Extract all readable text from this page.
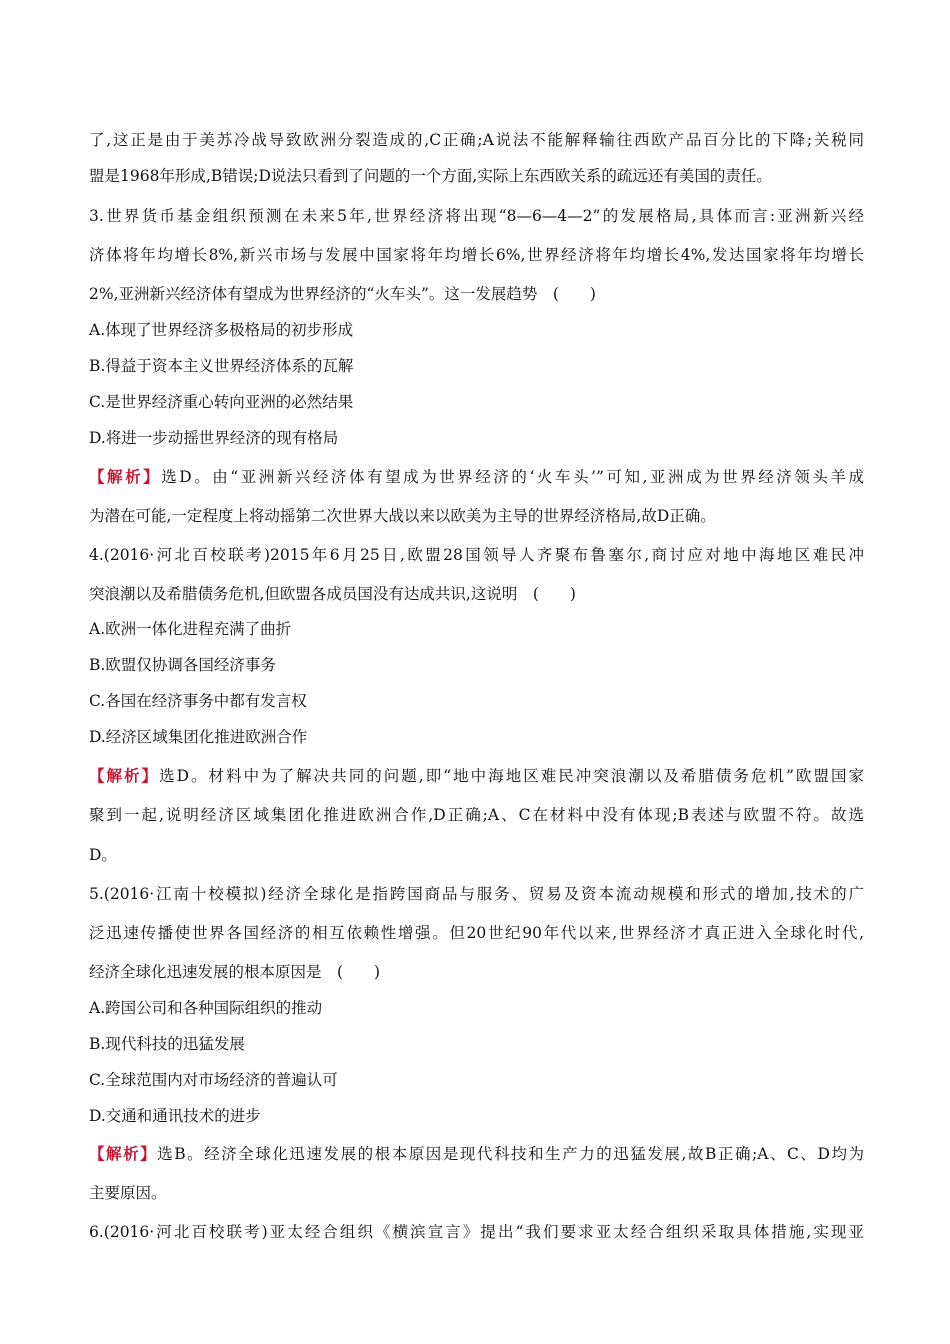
了,这正是由于美苏冷战导致欧洲分裂造成的,C正确;A说法不能解释输往西欧产品百分比的下降;关税同
盟是1968年形成,B错误;D说法只看到了问题的一个方面,实际上东西欧关系的疏远还有美国的责任。
3.世界货币基金组织预测在未来5年,世界经济将出现“8—6—4—2”的发展格局,具体而言:亚洲新兴经
济体将年均增长8%,新兴市场与发展中国家将年均增长6%,世界经济将年均增长4%,发达国家将年均增长
2%,亚洲新兴经济体有望成为世界经济的“火车头”。这一发展趋势　(　　)
A.体现了世界经济多极格局的初步形成
B.得益于资本主义世界经济体系的瓦解
C.是世界经济重心转向亚洲的必然结果
D.将进一步动摇世界经济的现有格局
【解析】选D。由“亚洲新兴经济体有望成为世界经济的‘火车头’”可知,亚洲成为世界经济领头羊成
为潜在可能,一定程度上将动摇第二次世界大战以来以欧美为主导的世界经济格局,故D正确。
4.(2016·河北百校联考)2015年6月25日,欧盟28国领导人齐聚布鲁塞尔,商讨应对地中海地区难民冲
突浪潮以及希腊债务危机,但欧盟各成员国没有达成共识,这说明　(　　)
A.欧洲一体化进程充满了曲折
B.欧盟仅协调各国经济事务
C.各国在经济事务中都有发言权
D.经济区域集团化推进欧洲合作
【解析】选D。材料中为了解决共同的问题,即“地中海地区难民冲突浪潮以及希腊债务危机”欧盟国家
聚到一起,说明经济区域集团化推进欧洲合作,D正确;A、C在材料中没有体现;B表述与欧盟不符。故选
D。
5.(2016·江南十校模拟)经济全球化是指跨国商品与服务、贸易及资本流动规模和形式的增加,技术的广
泛迅速传播使世界各国经济的相互依赖性增强。但20世纪90年代以来,世界经济才真正进入全球化时代,
经济全球化迅速发展的根本原因是　(　　)
A.跨国公司和各种国际组织的推动
B.现代科技的迅猛发展
C.全球范围内对市场经济的普遍认可
D.交通和通讯技术的进步
【解析】选B。经济全球化迅速发展的根本原因是现代科技和生产力的迅猛发展,故B正确;A、C、D均为
主要原因。
6.(2016·河北百校联考)亚太经合组织《横滨宣言》提出“我们要求亚太经合组织采取具体措施,实现亚
